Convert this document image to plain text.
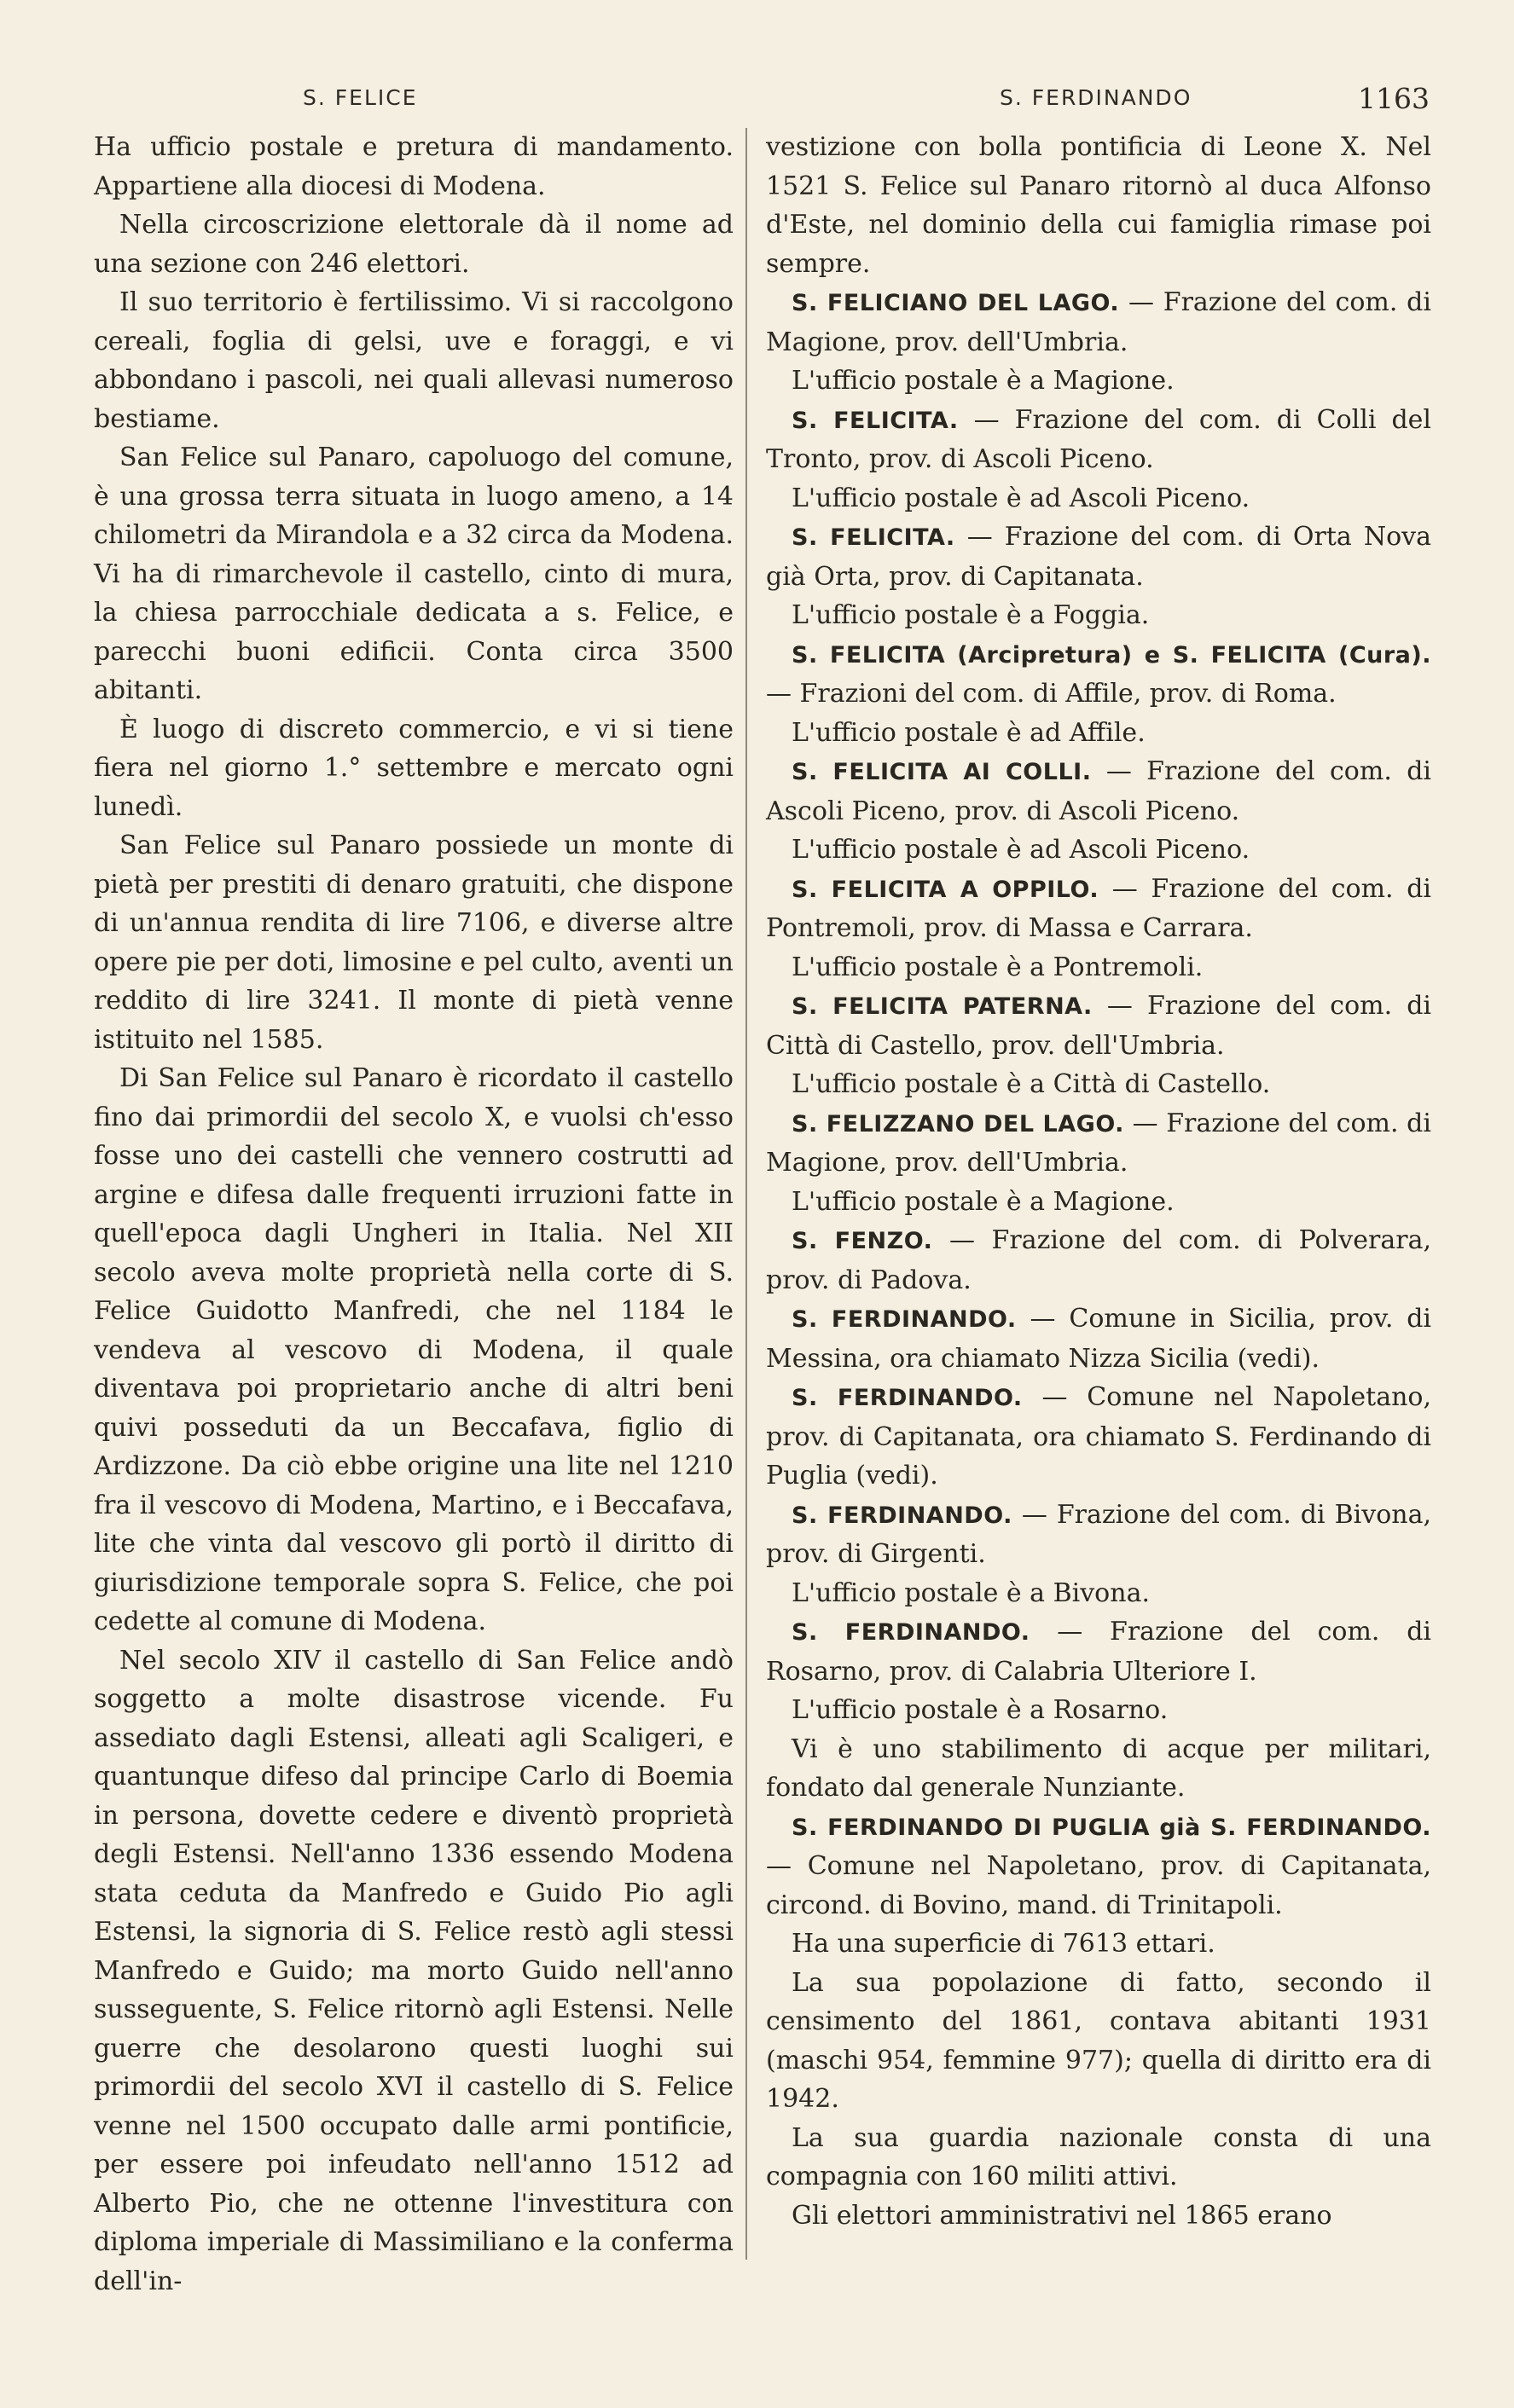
S. FELICE	S. FERDINANDO	1163

Ha ufficio postale e pretura di mandamento. Appartiene alla diocesi di Modena.

Nella circoscrizione elettorale dà il nome ad una sezione con 246 elettori.

Il suo territorio è fertilissimo. Vi si raccolgono cereali, foglia di gelsi, uve e foraggi, e vi abbondano i pascoli, nei quali allevasi numeroso bestiame.

San Felice sul Panaro, capoluogo del comune, è una grossa terra situata in luogo ameno, a 14 chilometri da Mirandola e a 32 circa da Modena. Vi ha di rimarchevole il castello, cinto di mura, la chiesa parrocchiale dedicata a s. Felice, e parecchi buoni edificii. Conta circa 3500 abitanti.

È luogo di discreto commercio, e vi si tiene fiera nel giorno 1.° settembre e mercato ogni lunedì.

San Felice sul Panaro possiede un monte di pietà per prestiti di denaro gratuiti, che dispone di un'annua rendita di lire 7106, e diverse altre opere pie per doti, limosine e pel culto, aventi un reddito di lire 3241. Il monte di pietà venne istituito nel 1585.

Di San Felice sul Panaro è ricordato il castello fino dai primordii del secolo X, e vuolsi ch'esso fosse uno dei castelli che vennero costrutti ad argine e difesa dalle frequenti irruzioni fatte in quell'epoca dagli Ungheri in Italia. Nel XII secolo aveva molte proprietà nella corte di S. Felice Guidotto Manfredi, che nel 1184 le vendeva al vescovo di Modena, il quale diventava poi proprietario anche di altri beni quivi posseduti da un Beccafava, figlio di Ardizzone. Da ciò ebbe origine una lite nel 1210 fra il vescovo di Modena, Martino, e i Beccafava, lite che vinta dal vescovo gli portò il diritto di giurisdizione temporale sopra S. Felice, che poi cedette al comune di Modena.

Nel secolo XIV il castello di San Felice andò soggetto a molte disastrose vicende. Fu assediato dagli Estensi, alleati agli Scaligeri, e quantunque difeso dal principe Carlo di Boemia in persona, dovette cedere e diventò proprietà degli Estensi. Nell'anno 1336 essendo Modena stata ceduta da Manfredo e Guido Pio agli Estensi, la signoria di S. Felice restò agli stessi Manfredo e Guido; ma morto Guido nell'anno susseguente, S. Felice ritornò agli Estensi. Nelle guerre che desolarono questi luoghi sui primordii del secolo XVI il castello di S. Felice venne nel 1500 occupato dalle armi pontificie, per essere poi infeudato nell'anno 1512 ad Alberto Pio, che ne ottenne l'investitura con diploma imperiale di Massimiliano e la conferma dell'in-

vestizione con bolla pontificia di Leone X. Nel 1521 S. Felice sul Panaro ritornò al duca Alfonso d'Este, nel dominio della cui famiglia rimase poi sempre.

S. FELICIANO DEL LAGO. — Frazione del com. di Magione, prov. dell'Umbria.

L'ufficio postale è a Magione.

S. FELICITA. — Frazione del com. di Colli del Tronto, prov. di Ascoli Piceno.

L'ufficio postale è ad Ascoli Piceno.

S. FELICITA. — Frazione del com. di Orta Nova già Orta, prov. di Capitanata.

L'ufficio postale è a Foggia.

S. FELICITA (Arcipretura) e S. FELICITA (Cura). — Frazioni del com. di Affile, prov. di Roma.

L'ufficio postale è ad Affile.

S. FELICITA AI COLLI. — Frazione del com. di Ascoli Piceno, prov. di Ascoli Piceno.

L'ufficio postale è ad Ascoli Piceno.

S. FELICITA A OPPILO. — Frazione del com. di Pontremoli, prov. di Massa e Carrara.

L'ufficio postale è a Pontremoli.

S. FELICITA PATERNA. — Frazione del com. di Città di Castello, prov. dell'Umbria.

L'ufficio postale è a Città di Castello.

S. FELIZZANO DEL LAGO. — Frazione del com. di Magione, prov. dell'Umbria.

L'ufficio postale è a Magione.

S. FENZO. — Frazione del com. di Polverara, prov. di Padova.

S. FERDINANDO. — Comune in Sicilia, prov. di Messina, ora chiamato Nizza Sicilia (vedi).

S. FERDINANDO. — Comune nel Napoletano, prov. di Capitanata, ora chiamato S. Ferdinando di Puglia (vedi).

S. FERDINANDO. — Frazione del com. di Bivona, prov. di Girgenti.

L'ufficio postale è a Bivona.

S. FERDINANDO. — Frazione del com. di Rosarno, prov. di Calabria Ulteriore I.

L'ufficio postale è a Rosarno.

Vi è uno stabilimento di acque per militari, fondato dal generale Nunziante.

S. FERDINANDO DI PUGLIA già S. FERDINANDO. — Comune nel Napoletano, prov. di Capitanata, circond. di Bovino, mand. di Trinitapoli.

Ha una superficie di 7613 ettari.

La sua popolazione di fatto, secondo il censimento del 1861, contava abitanti 1931 (maschi 954, femmine 977); quella di diritto era di 1942.

La sua guardia nazionale consta di una compagnia con 160 militi attivi.

Gli elettori amministrativi nel 1865 erano
